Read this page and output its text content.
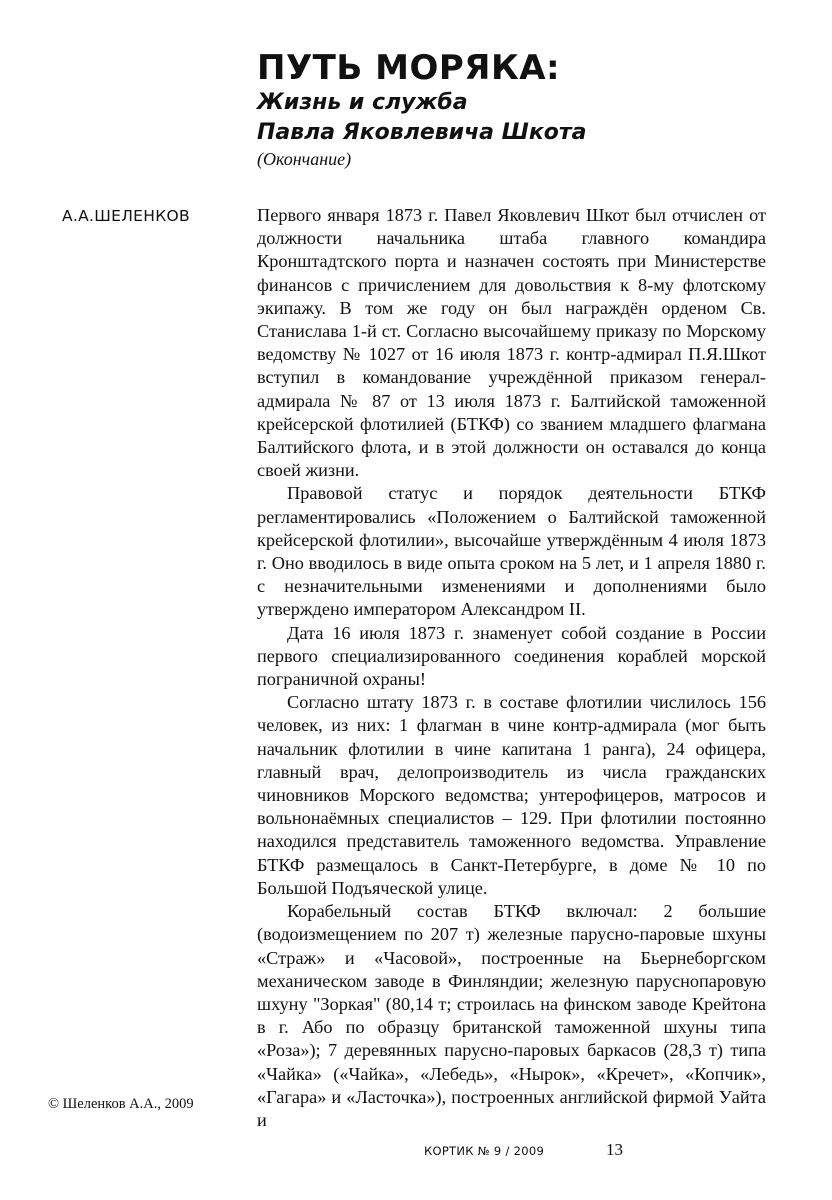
ПУТЬ МОРЯКА:
Жизнь и служба
Павла Яковлевича Шкота
(Окончание)
А.А.ШЕЛЕНКОВ	Первого января 1873 г. Павел Яковлевич Шкот был отчислен от должности начальника штаба главного командира Кронштадтского порта и назначен состоять при Министерстве финансов с причислением для довольствия к 8-му флотскому экипажу. В том же году он был награждён орденом Св. Станислава 1-й ст. Согласно высочайшему приказу по Морскому ведомству № 1027 от 16 июля 1873 г. контр-адмирал П.Я.Шкот вступил в командование учреждённой приказом генерал-адмирала № 87 от 13 июля 1873 г. Балтийской таможенной крейсерской флотилией (БТКФ) со званием младшего флагмана Балтийского флота, и в этой должности он оставался до конца своей жизни.

Правовой статус и порядок деятельности БТКФ регламентировались «Положением о Балтийской таможенной крейсерской флотилии», высочайше утверждённым 4 июля 1873 г. Оно вводилось в виде опыта сроком на 5 лет, и 1 апреля 1880 г. с незначительными изменениями и дополнениями было утверждено императором Александром II.

Дата 16 июля 1873 г. знаменует собой создание в России первого специализированного соединения кораблей морской пограничной охраны!

Согласно штату 1873 г. в составе флотилии числилось 156 человек, из них: 1 флагман в чине контр-адмирала (мог быть начальник флотилии в чине капитана 1 ранга), 24 офицера, главный врач, делопроизводитель из числа гражданских чиновников Морского ведомства; унтерофицеров, матросов и вольнонаёмных специалистов – 129. При флотилии постоянно находился представитель таможенного ведомства. Управление БТКФ размещалось в Санкт-Петербурге, в доме № 10 по Большой Подъяческой улице.

Корабельный состав БТКФ включал: 2 большие (водоизмещением по 207 т) железные парусно-паровые шхуны «Страж» и «Часовой», построенные на Бьернеборгском механическом заводе в Финляндии; железную паруснопаровую шхуну "Зоркая" (80,14 т; строилась на финском заводе Крейтона в г. Або по образцу британской таможенной шхуны типа «Роза»); 7 деревянных парусно-паровых баркасов (28,3 т) типа «Чайка» («Чайка», «Лебедь», «Нырок», «Кречет», «Копчик», «Гагара» и «Ласточка»), построенных английской фирмой Уайта и

© Шеленков А.А., 2009
КОРТИК № 9 / 2009	13
